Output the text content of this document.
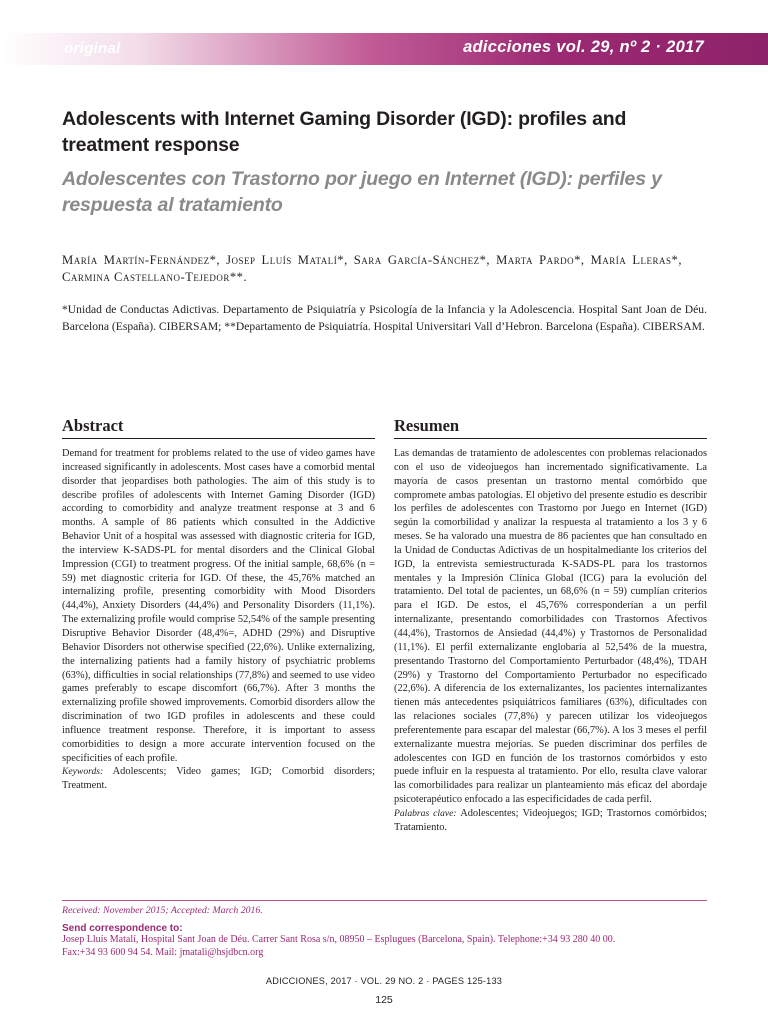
original	adicciones vol. 29, nº 2 · 2017
Adolescents with Internet Gaming Disorder (IGD): profiles and treatment response
Adolescentes con Trastorno por juego en Internet (IGD): perfiles y respuesta al tratamiento

María Martín-Fernández*, Josep Lluís Matalí*, Sara García-Sánchez*, Marta Pardo*, María Lleras*, Carmina Castellano-Tejedor**.

*Unidad de Conductas Adictivas. Departamento de Psiquiatría y Psicología de la Infancia y la Adolescencia. Hospital Sant Joan de Déu. Barcelona (España). CIBERSAM; **Departamento de Psiquiatría. Hospital Universitari Vall d’Hebron. Barcelona (España). CIBERSAM.

Abstract

Demand for treatment for problems related to the use of video games have increased significantly in adolescents. Most cases have a comorbid mental disorder that jeopardises both pathologies. The aim of this study is to describe profiles of adolescents with Internet Gaming Disorder (IGD) according to comorbidity and analyze treatment response at 3 and 6 months. A sample of 86 patients which consulted in the Addictive Behavior Unit of a hospital was assessed with diagnostic criteria for IGD, the interview K-SADS-PL for mental disorders and the Clinical Global Impression (CGI) to treatment progress. Of the initial sample, 68,6% (n = 59) met diagnostic criteria for IGD. Of these, the 45,76% matched an internalizing profile, presenting comorbidity with Mood Disorders (44,4%), Anxiety Disorders (44,4%) and Personality Disorders (11,1%). The externalizing profile would comprise 52,54% of the sample presenting Disruptive Behavior Disorder (48,4%=, ADHD (29%) and Disruptive Behavior Disorders not otherwise specified (22,6%). Unlike externalizing, the internalizing patients had a family history of psychiatric problems (63%), difficulties in social relationships (77,8%) and seemed to use video games preferably to escape discomfort (66,7%). After 3 months the externalizing profile showed improvements. Comorbid disorders allow the discrimination of two IGD profiles in adolescents and these could influence treatment response. Therefore, it is important to assess comorbidities to design a more accurate intervention focused on the specificities of each profile.

Keywords: Adolescents; Video games; IGD; Comorbid disorders; Treatment.

Resumen

Las demandas de tratamiento de adolescentes con problemas relacionados con el uso de videojuegos han incrementado significativamente. La mayoría de casos presentan un trastorno mental comórbido que compromete ambas patologías. El objetivo del presente estudio es describir los perfiles de adolescentes con Trastorno por Juego en Internet (IGD) según la comorbilidad y analizar la respuesta al tratamiento a los 3 y 6 meses. Se ha valorado una muestra de 86 pacientes que han consultado en la Unidad de Conductas Adictivas de un hospitalmediante los criterios del IGD, la entrevista semiestructurada K-SADS-PL para los trastornos mentales y la Impresión Clínica Global (ICG) para la evolución del tratamiento. Del total de pacientes, un 68,6% (n = 59) cumplían criterios para el IGD. De estos, el 45,76% corresponderían a un perfil internalizante, presentando comorbilidades con Trastornos Afectivos (44,4%), Trastornos de Ansiedad (44,4%) y Trastornos de Personalidad (11,1%). El perfil externalizante englobaría al 52,54% de la muestra, presentando Trastorno del Comportamiento Perturbador (48,4%), TDAH (29%) y Trastorno del Comportamiento Perturbador no especificado (22,6%). A diferencia de los externalizantes, los pacientes internalizantes tienen más antecedentes psiquiátricos familiares (63%), dificultades con las relaciones sociales (77,8%) y parecen utilizar los videojuegos preferentemente para escapar del malestar (66,7%). A los 3 meses el perfil externalizante muestra mejorías. Se pueden discriminar dos perfiles de adolescentes con IGD en función de los trastornos comórbidos y esto puede influir en la respuesta al tratamiento. Por ello, resulta clave valorar las comorbilidades para realizar un planteamiento más eficaz del abordaje psicoterapéutico enfocado a las especificidades de cada perfil.

Palabras clave: Adolescentes; Videojuegos; IGD; Trastornos comórbidos; Tratamiento.

Received: November 2015; Accepted: March 2016.
Send correspondence to:
Josep Lluís Matalí, Hospital Sant Joan de Déu. Carrer Sant Rosa s/n, 08950 – Esplugues (Barcelona, Spain). Telephone:+34 93 280 40 00.
Fax:+34 93 600 94 54. Mail: jmatali@hsjdbcn.org
ADICCIONES, 2017 · VOL. 29 NO. 2 · PAGES 125-133
125
